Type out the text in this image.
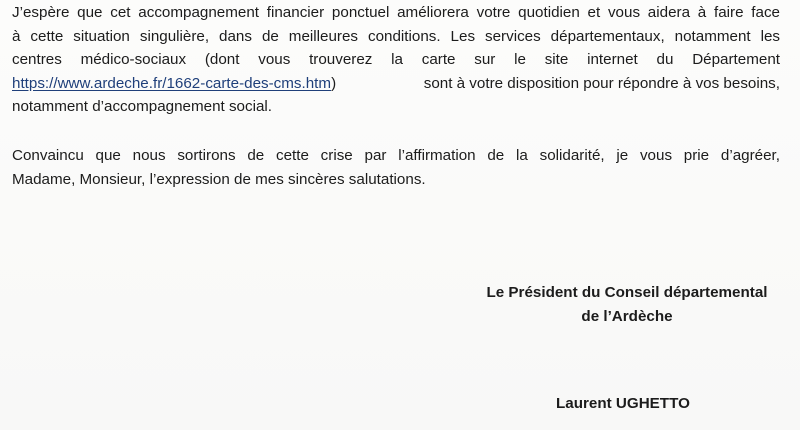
J’espère que cet accompagnement financier ponctuel améliorera votre quotidien et vous aidera à faire face
à cette situation singulière, dans de meilleures conditions. Les services départementaux, notamment les
centres médico-sociaux (dont vous trouverez la carte sur le site internet du Département
https://www.ardeche.fr/1662-carte-des-cms.htm)	sont à votre disposition pour répondre à vos besoins,
notamment d’accompagnement social.

Convaincu que nous sortirons de cette crise par l’affirmation de la solidarité, je vous prie d’agréer,
Madame, Monsieur, l’expression de mes sincères salutations.

Le Président du Conseil départemental
de l’Ardèche
Laurent UGHETTO
